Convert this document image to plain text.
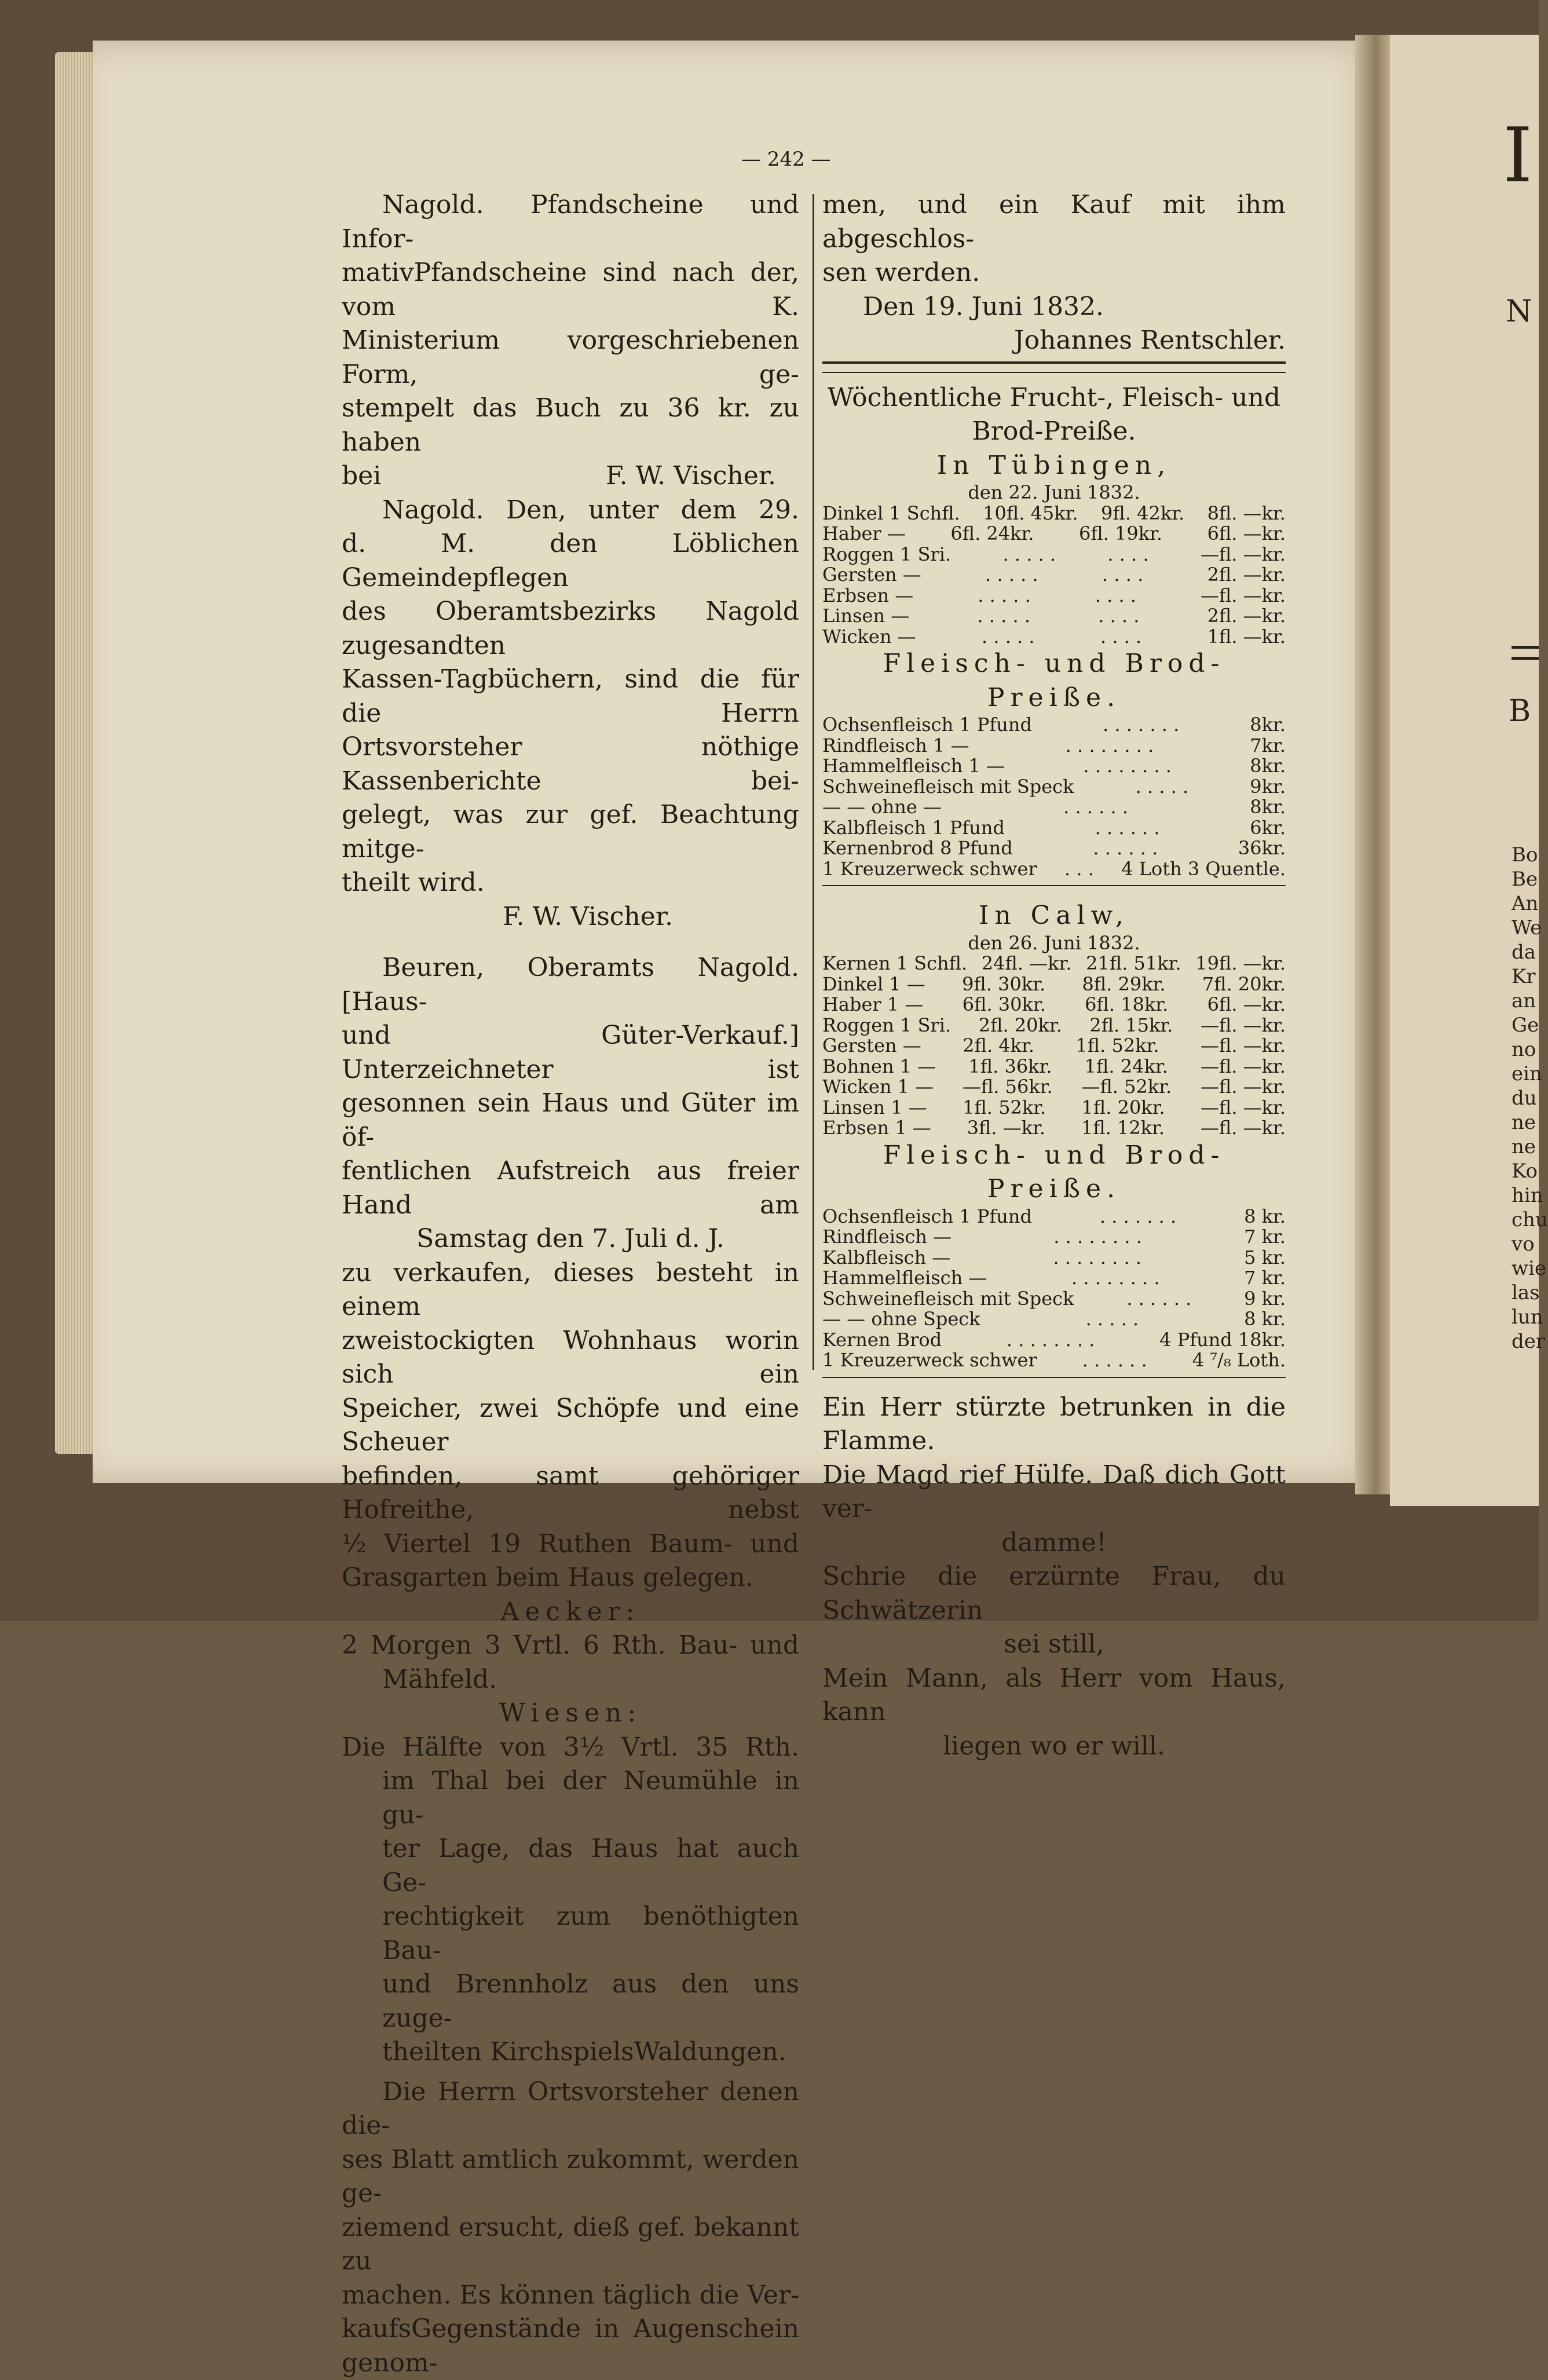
— 242 —

Nagold. Pfandscheine und Infor-

mativPfandscheine sind nach der, vom K.

Ministerium vorgeschriebenen Form, ge-

stempelt das Buch zu 36 kr. zu haben

bei	F. W. Vischer.

Nagold. Den, unter dem 29.

d. M. den Löblichen Gemeindepflegen

des Oberamtsbezirks Nagold zugesandten

Kassen-Tagbüchern, sind die für die Herrn

Ortsvorsteher nöthige Kassenberichte bei-

gelegt, was zur gef. Beachtung mitge-

theilt wird.

F. W. Vischer.

Beuren, Oberamts Nagold. [Haus-

und Güter-Verkauf.] Unterzeichneter ist

gesonnen sein Haus und Güter im öf-

fentlichen Aufstreich aus freier Hand am

Samstag den 7. Juli d. J.

zu verkaufen, dieses besteht in einem

zweistockigten Wohnhaus worin sich ein

Speicher, zwei Schöpfe und eine Scheuer

befinden, samt gehöriger Hofreithe, nebst

½ Viertel 19 Ruthen Baum- und

Grasgarten beim Haus gelegen.

Aecker:

2 Morgen 3 Vrtl. 6 Rth. Bau- und

Mähfeld.

Wiesen:

Die Hälfte von 3½ Vrtl. 35 Rth.

im Thal bei der Neumühle in gu-

ter Lage, das Haus hat auch Ge-

rechtigkeit zum benöthigten Bau-

und Brennholz aus den uns zuge-

theilten KirchspielsWaldungen.

Die Herrn Ortsvorsteher denen die-

ses Blatt amtlich zukommt, werden ge-

ziemend ersucht, dieß gef. bekannt zu

machen. Es können täglich die Ver-

kaufsGegenstände in Augenschein genom-

men, und ein Kauf mit ihm abgeschlos-

sen werden.

Den 19. Juni 1832.

Johannes Rentschler.

Wöchentliche Frucht-, Fleisch- und

Brod-Preiße.

In Tübingen,

den 22. Juni 1832.

Dinkel 1 Schfl. 10fl. 45kr. 9fl. 42kr. 8fl. —kr.
Haber — 6fl. 24kr. 6fl. 19kr. 6fl. —kr.
Roggen 1 Sri.	. . . . .	. . . .	—fl. —kr.
Gersten —	. . . . .	. . . .	2fl. —kr.
Erbsen —	. . . . .	. . . .	—fl. —kr.
Linsen —	. . . . .	. . . .	2fl. —kr.
Wicken —	. . . . .	. . . .	1fl. —kr.

Fleisch- und Brod-Preiße.

Ochsenfleisch 1 Pfund	. . . . . . .	8kr.
Rindfleisch 1 —	. . . . . . . .	7kr.
Hammelfleisch 1 —	. . . . . . . .	8kr.
Schweinefleisch mit Speck	. . . . .	9kr.
— — ohne —	. . . . . .	8kr.
Kalbfleisch 1 Pfund	. . . . . .	6kr.
Kernenbrod 8 Pfund	. . . . . .	36kr.
1 Kreuzerweck schwer . . . 4 Loth 3 Quentle.

In Calw,

den 26. Juni 1832.

Kernen 1 Schfl. 24fl. —kr. 21fl. 51kr. 19fl. —kr.
Dinkel 1 — 9fl. 30kr. 8fl. 29kr. 7fl. 20kr.
Haber 1 — 6fl. 30kr. 6fl. 18kr. 6fl. —kr.
Roggen 1 Sri. 2fl. 20kr. 2fl. 15kr. —fl. —kr.
Gersten — 2fl. 4kr. 1fl. 52kr. —fl. —kr.
Bohnen 1 — 1fl. 36kr. 1fl. 24kr. —fl. —kr.
Wicken 1 — —fl. 56kr. —fl. 52kr. —fl. —kr.
Linsen 1 — 1fl. 52kr. 1fl. 20kr. —fl. —kr.
Erbsen 1 — 3fl. —kr. 1fl. 12kr. —fl. —kr.

Fleisch- und Brod-Preiße.

Ochsenfleisch 1 Pfund	. . . . . . .	8 kr.
Rindfleisch —	. . . . . . . .	7 kr.
Kalbfleisch —	. . . . . . . .	5 kr.
Hammelfleisch —	. . . . . . . .	7 kr.
Schweinefleisch mit Speck	. . . . . .	9 kr.
— — ohne Speck	. . . . .	8 kr.
Kernen Brod	. . . . . . . .	4 Pfund 18kr.
1 Kreuzerweck schwer . . . . . . 4 ⁷/₈ Loth.

Ein Herr stürzte betrunken in die Flamme.

Die Magd rief Hülfe. Daß dich Gott ver-

damme!

Schrie die erzürnte Frau, du Schwätzerin

sei still,

Mein Mann, als Herr vom Haus, kann

liegen wo er will.

I
N
B
Bo
Be
An
We
da
Kr
an
Ge
no
ein
du
ne
ne
Ko
hin
chu
vo
wie
las
lun
der
